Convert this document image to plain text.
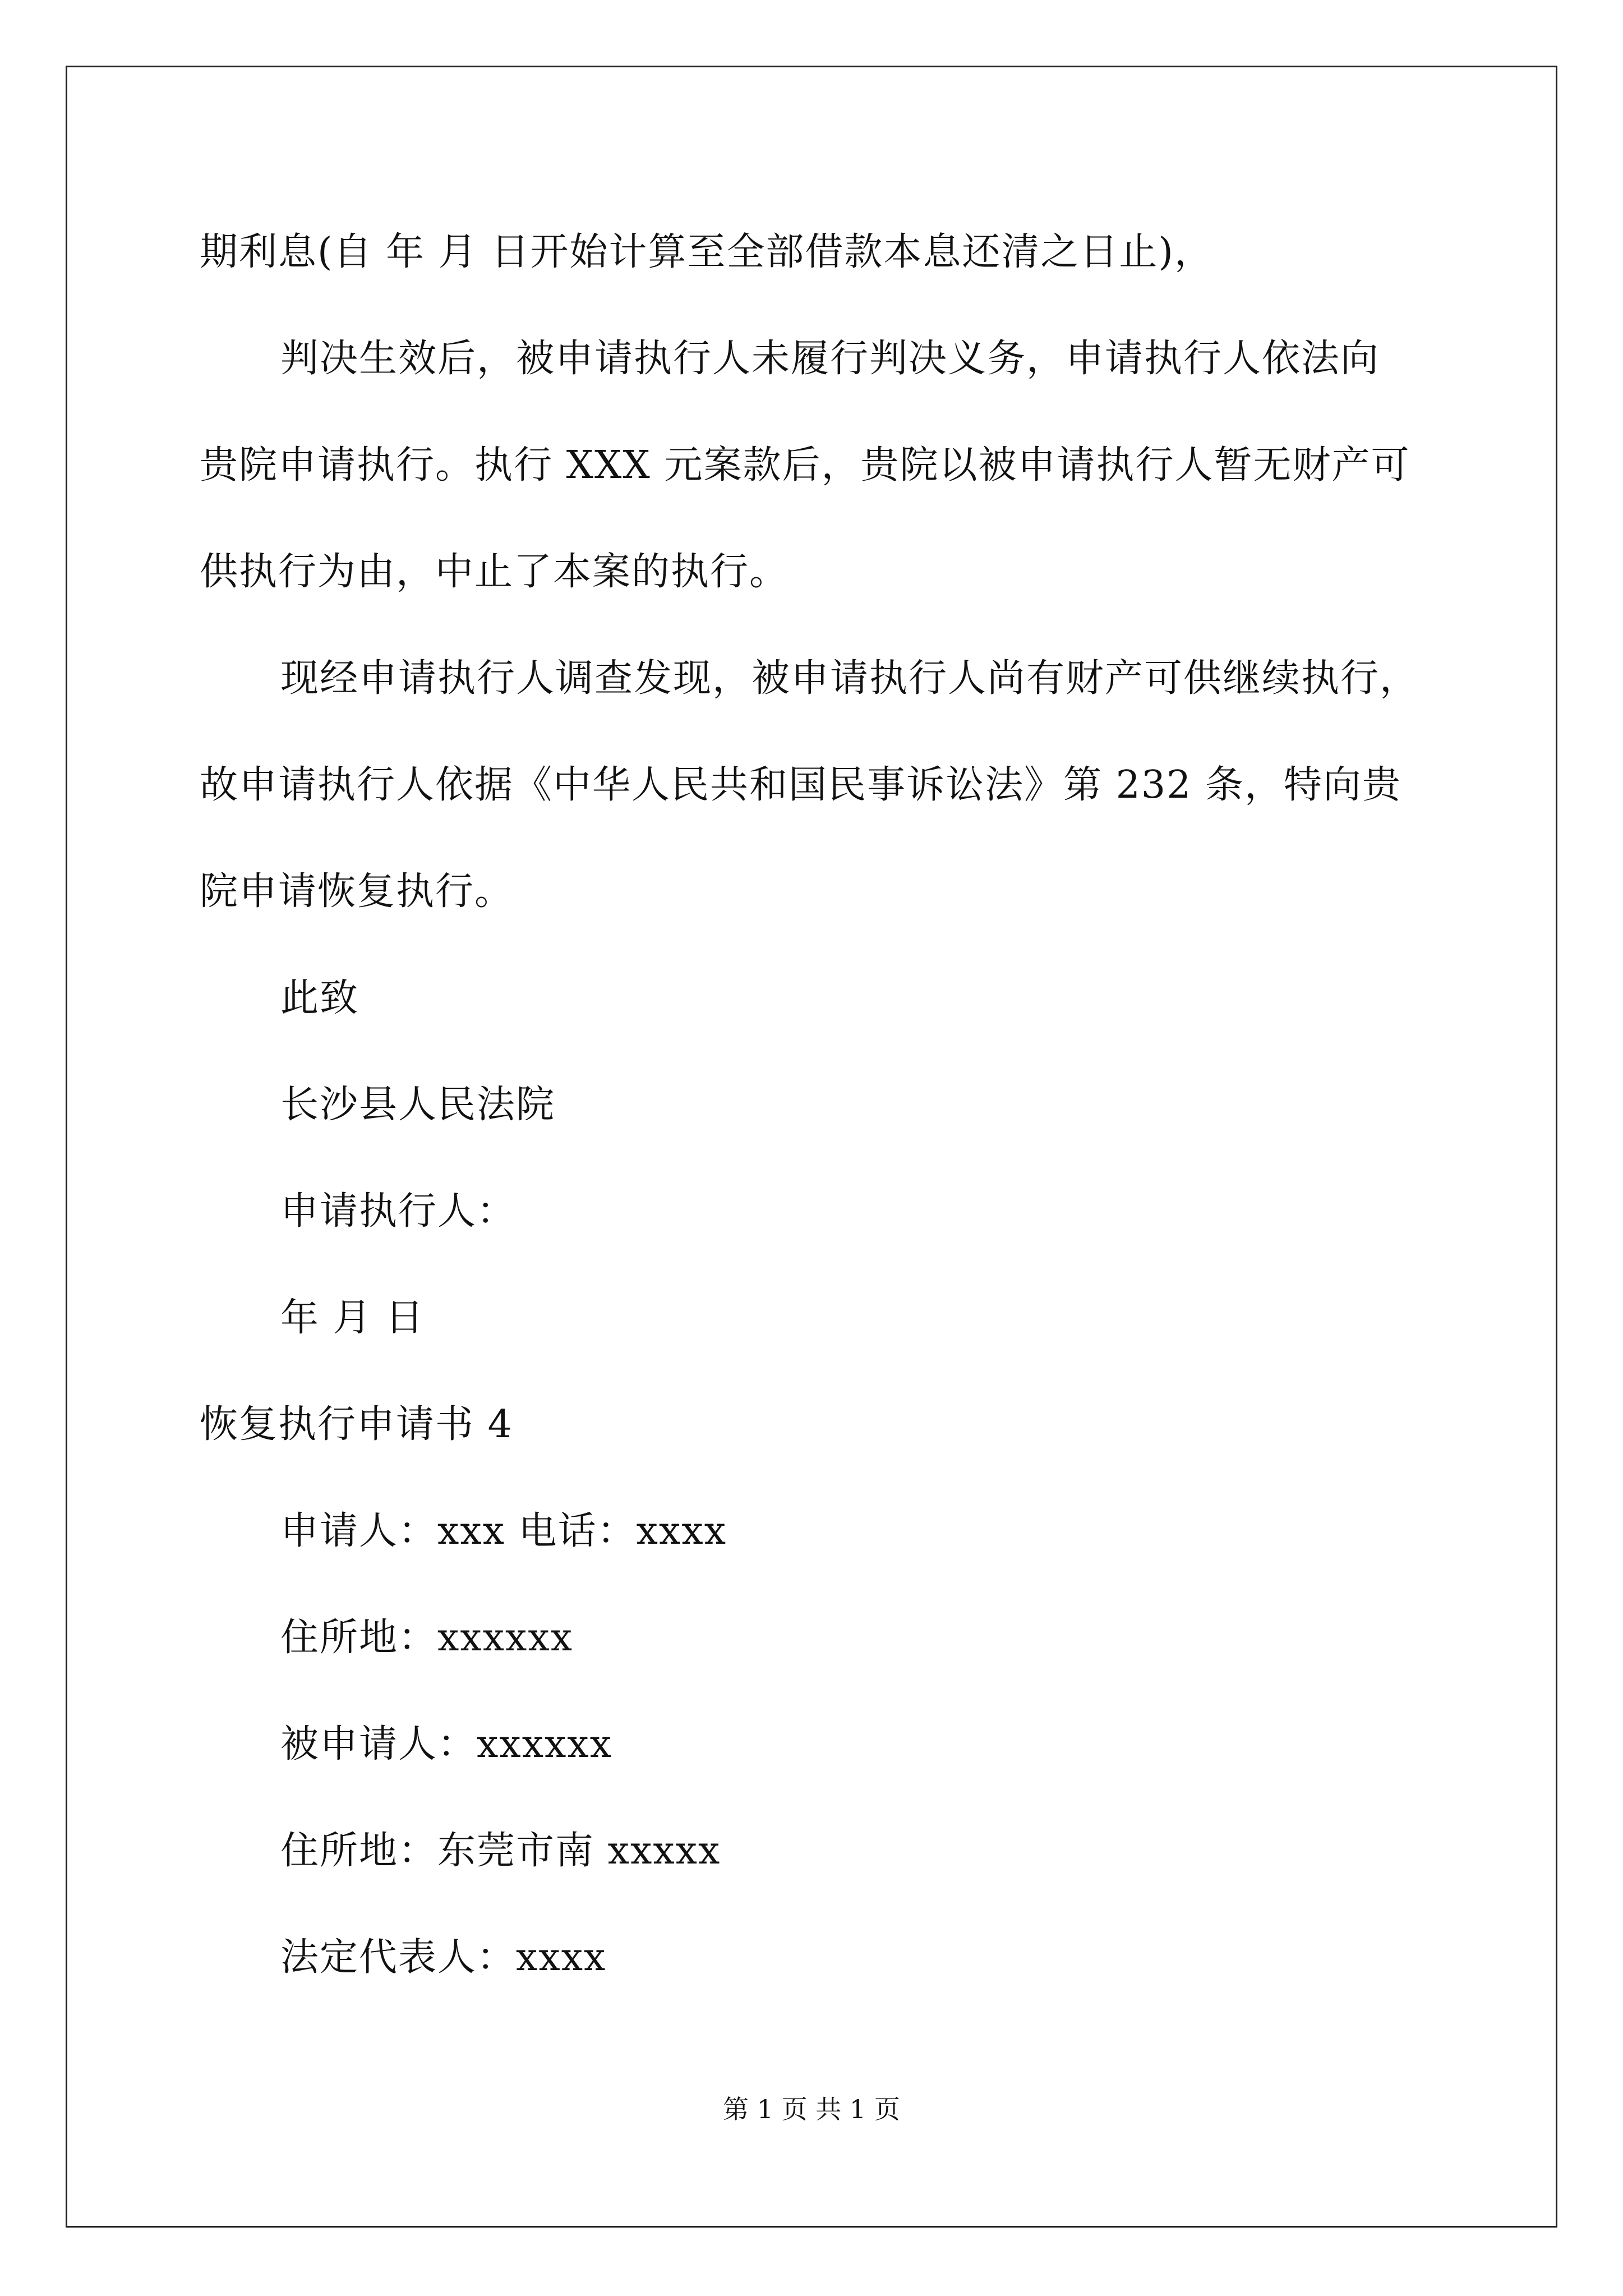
期利息(自 年 月 日开始计算至全部借款本息还清之日止)，
判决生效后，被申请执行人未履行判决义务，申请执行人依法向
贵院申请执行。执行 XXX 元案款后，贵院以被申请执行人暂无财产可
供执行为由，中止了本案的执行。
现经申请执行人调查发现，被申请执行人尚有财产可供继续执行，
故申请执行人依据《中华人民共和国民事诉讼法》第 232 条，特向贵
院申请恢复执行。
此致
长沙县人民法院
申请执行人：
年 月 日
恢复执行申请书 4
申请人：xxx 电话：xxxx
住所地：xxxxxx
被申请人：xxxxxx
住所地：东莞市南 xxxxx
法定代表人：xxxx
第 1 页 共 1 页
